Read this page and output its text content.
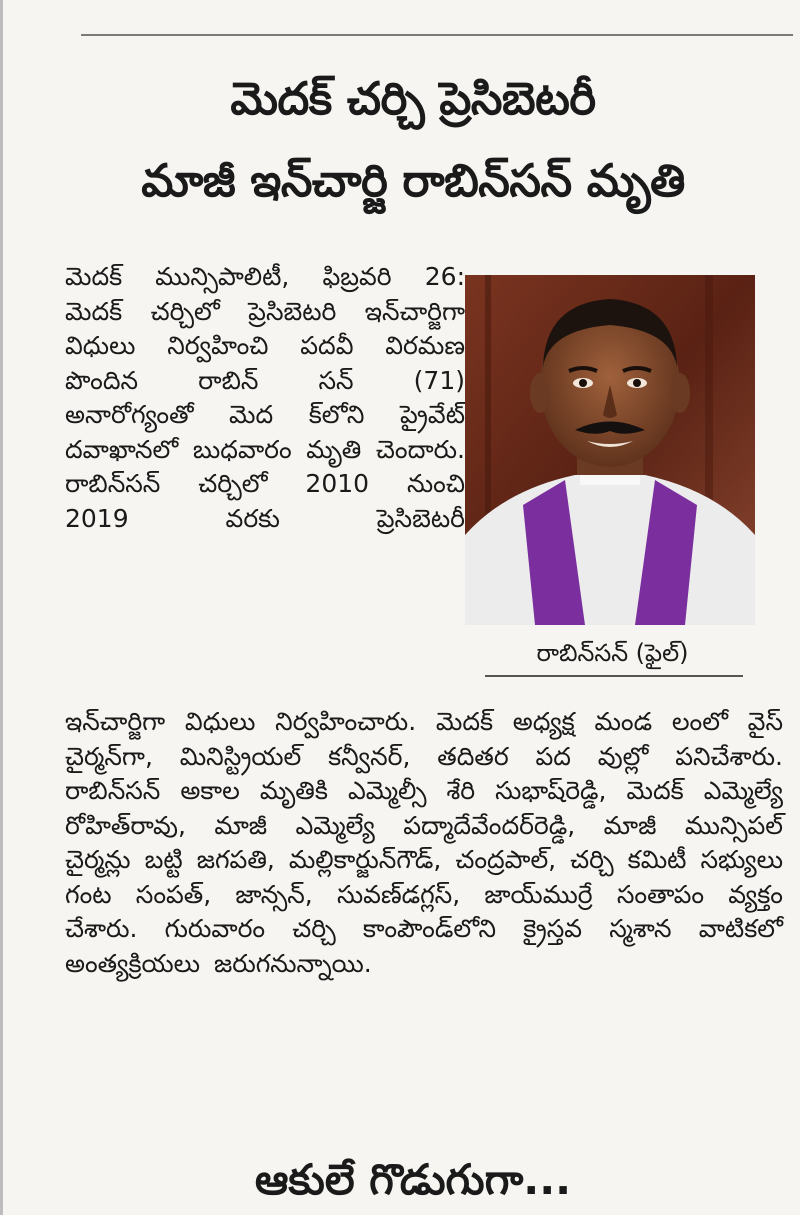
మెదక్ చర్చి ప్రెసిబెటరీ
మాజీ ఇన్‌చార్జి రాబిన్‌సన్ మృతి

మెదక్ మున్సిపాలిటీ, ఫిబ్రవరి 26: మెదక్ చర్చిలో ప్రెసిబెటరి ఇన్‌చార్జిగా విధులు నిర్వహించి పదవీ విరమణ పొందిన రాబిన్ సన్ (71) అనారోగ్యంతో మెద క్‌లోని ప్రైవేట్ దవాఖానలో బుధవారం మృతి చెందారు. రాబిన్‌సన్ చర్చిలో 2010 నుంచి 2019 వరకు ప్రెసిబెటరీ

రాబిన్‌సన్ (ఫైల్)

ఇన్‌చార్జిగా విధులు నిర్వహించారు. మెదక్ అధ్యక్ష మండ లంలో వైస్ చైర్మన్‌గా, మినిస్ట్రియల్ కన్వీనర్, తదితర పద వుల్లో పనిచేశారు. రాబిన్‌సన్ అకాల మృతికి ఎమ్మెల్సీ శేరి సుభాష్‌రెడ్డి, మెదక్ ఎమ్మెల్యే రోహిత్‌రావు, మాజీ ఎమ్మెల్యే పద్మాదేవేందర్‌రెడ్డి, మాజీ మున్సిపల్ చైర్మన్లు బట్టి జగపతి, మల్లికార్జున్‌గౌడ్, చంద్రపాల్, చర్చి కమిటీ సభ్యులు గంట సంపత్, జాన్సన్, సువణ్‌డగ్లస్, జాయ్‌ముర్రే సంతాపం వ్యక్తం చేశారు. గురువారం చర్చి కాంపౌండ్‌లోని క్రైస్తవ స్మశాన వాటికలో అంత్యక్రియలు జరుగనున్నాయి.

ఆకులే గొడుగుగా...
